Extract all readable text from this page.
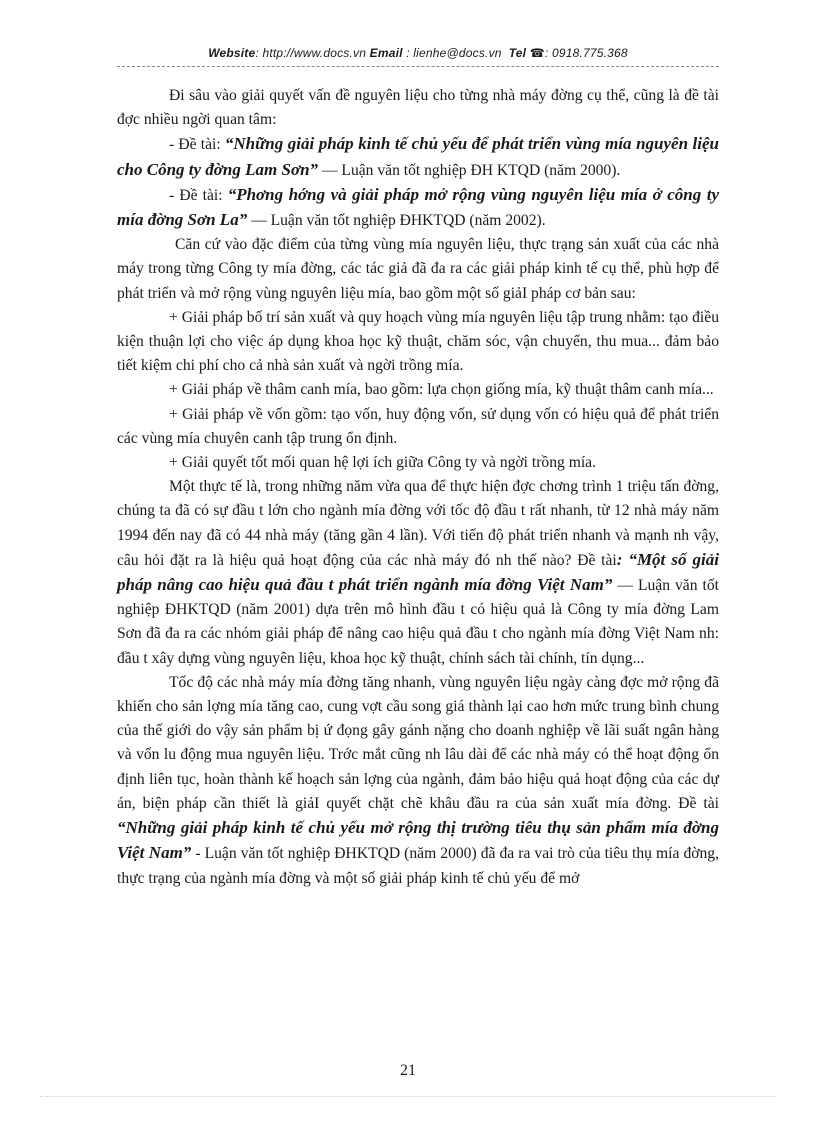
Website: http://www.docs.vn Email : lienhe@docs.vn Tel ☎: 0918.775.368

Đi sâu vào giải quyết vấn đề nguyên liệu cho từng nhà máy đờng cụ thể, cũng là đề tài đợc nhiều ngời quan tâm:

- Đề tài: “Những giải pháp kinh tế chủ yếu để phát triển vùng mía nguyên liệu cho Công ty đờng Lam Sơn” — Luận văn tốt nghiệp ĐH KTQD (năm 2000).

- Đề tài: “Phơng hớng và giải pháp mở rộng vùng nguyên liệu mía ở công ty mía đờng Sơn La” — Luận văn tốt nghiệp ĐHKTQD (năm 2002).

Căn cứ vào đặc điểm của từng vùng mía nguyên liệu, thực trạng sản xuất của các nhà máy trong từng Công ty mía đờng, các tác giả đã đa ra các giải pháp kinh tế cụ thể, phù hợp để phát triển và mở rộng vùng nguyên liệu mía, bao gồm một số giảI pháp cơ bản sau:

+ Giải pháp bố trí sản xuất và quy hoạch vùng mía nguyên liệu tập trung nhằm: tạo điều kiện thuận lợi cho việc áp dụng khoa học kỹ thuật, chăm sóc, vận chuyển, thu mua... đảm bảo tiết kiệm chi phí cho cả nhà sản xuất và ngời trồng mía.

+ Giải pháp về thâm canh mía, bao gồm: lựa chọn giống mía, kỹ thuật thâm canh mía...

+ Giải pháp về vốn gồm: tạo vốn, huy động vốn, sử dụng vốn có hiệu quả để phát triển các vùng mía chuyên canh tập trung ổn định.

+ Giải quyết tốt mối quan hệ lợi ích giữa Công ty và ngời trồng mía.

Một thực tế là, trong những năm vừa qua để thực hiện đợc chơng trình 1 triệu tấn đờng, chúng ta đã có sự đầu t lớn cho ngành mía đờng với tốc độ đầu t rất nhanh, từ 12 nhà máy năm 1994 đến nay đã có 44 nhà máy (tăng gần 4 lần). Với tiến độ phát triển nhanh và mạnh nh vậy, câu hỏi đặt ra là hiệu quả hoạt động của các nhà máy đó nh thế nào? Đề tài: “Một số giải pháp nâng cao hiệu quả đầu t phát triển ngành mía đờng Việt Nam” — Luận văn tốt nghiệp ĐHKTQD (năm 2001) dựa trên mô hình đầu t có hiệu quả là Công ty mía đờng Lam Sơn đã đa ra các nhóm giải pháp để nâng cao hiệu quả đầu t cho ngành mía đờng Việt Nam nh: đầu t xây dựng vùng nguyên liệu, khoa học kỹ thuật, chính sách tài chính, tín dụng...

Tốc độ các nhà máy mía đờng tăng nhanh, vùng nguyên liệu ngày càng đợc mở rộng đã khiến cho sản lợng mía tăng cao, cung vợt cầu song giá thành lại cao hơn mức trung bình chung của thế giới do vậy sản phẩm bị ứ đọng gây gánh nặng cho doanh nghiệp về lãi suất ngân hàng và vốn lu động mua nguyên liệu. Trớc mắt cũng nh lâu dài để các nhà máy có thể hoạt động ổn định liên tục, hoàn thành kế hoạch sản lợng của ngành, đảm bảo hiệu quả hoạt động của các dự án, biện pháp cần thiết là giảI quyết chặt chẽ khâu đầu ra của sản xuất mía đờng. Đề tài “Những giải pháp kinh tế chủ yếu mở rộng thị trường tiêu thụ sản phẩm mía đờng Việt Nam” - Luận văn tốt nghiệp ĐHKTQD (năm 2000) đã đa ra vai trò của tiêu thụ mía đờng, thực trạng của ngành mía đờng và một số giải pháp kinh tế chủ yếu để mở

21
